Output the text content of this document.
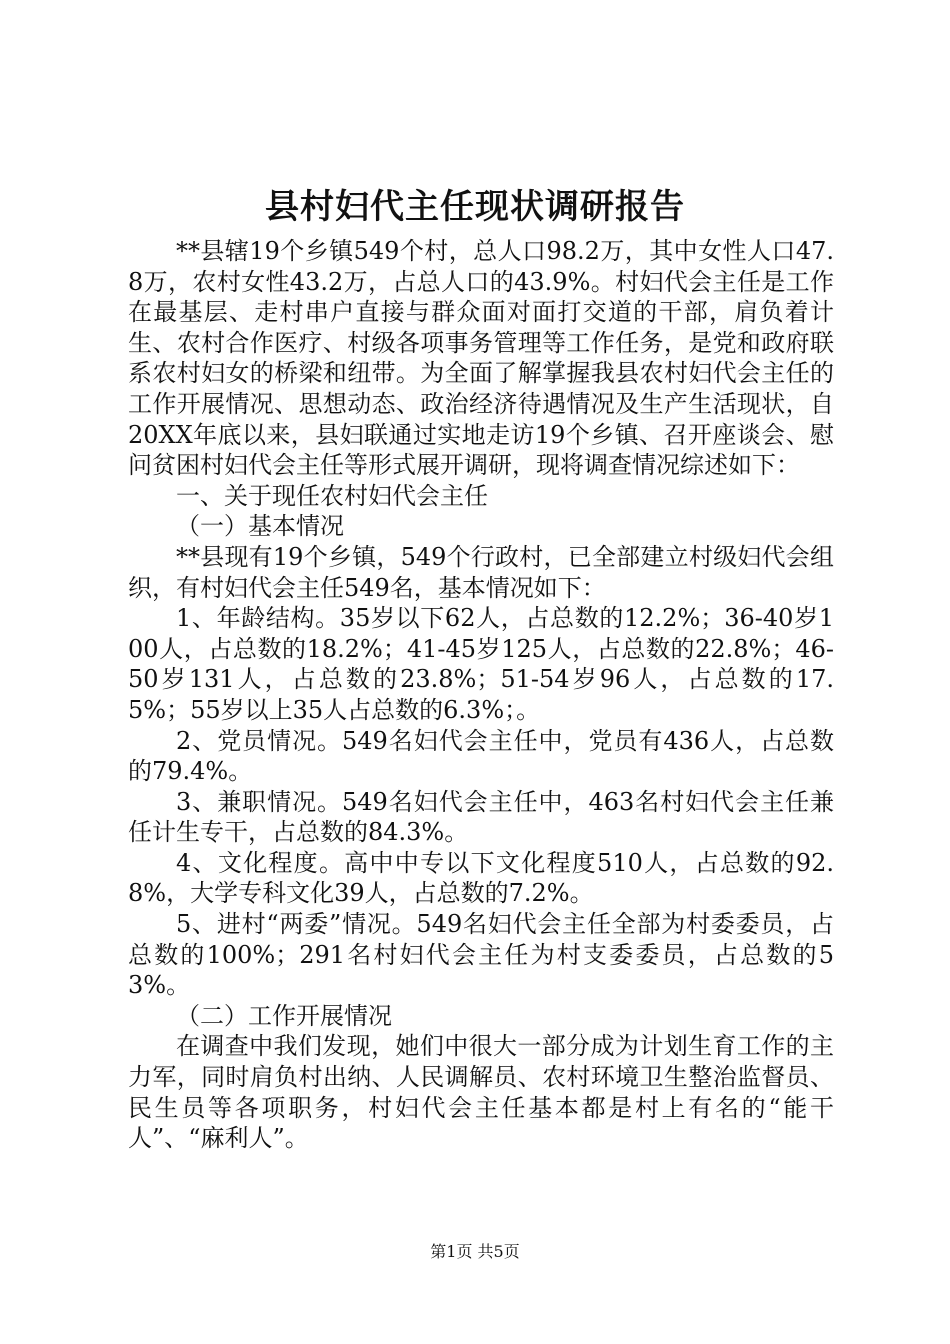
县村妇代主任现状调研报告

**县辖19个乡镇549个村，总人口98.2万，其中女性人口47.8万，农村女性43.2万，占总人口的43.9%。村妇代会主任是工作在最基层、走村串户直接与群众面对面打交道的干部，肩负着计生、农村合作医疗、村级各项事务管理等工作任务，是党和政府联系农村妇女的桥梁和纽带。为全面了解掌握我县农村妇代会主任的工作开展情况、思想动态、政治经济待遇情况及生产生活现状，自20XX年底以来，县妇联通过实地走访19个乡镇、召开座谈会、慰问贫困村妇代会主任等形式展开调研，现将调查情况综述如下：

一、关于现任农村妇代会主任

（一）基本情况

**县现有19个乡镇，549个行政村，已全部建立村级妇代会组织，有村妇代会主任549名，基本情况如下：

1、年龄结构。35岁以下62人，占总数的12.2%；36-40岁100人，占总数的18.2%；41-45岁125人，占总数的22.8%；46-50岁131人，占总数的23.8%；51-54岁96人，占总数的17.5%；55岁以上35人占总数的6.3%；。

2、党员情况。549名妇代会主任中，党员有436人，占总数的79.4%。

3、兼职情况。549名妇代会主任中，463名村妇代会主任兼任计生专干，占总数的84.3%。

4、文化程度。高中中专以下文化程度510人，占总数的92.8%，大学专科文化39人，占总数的7.2%。

5、进村“两委”情况。549名妇代会主任全部为村委委员，占总数的100%；291名村妇代会主任为村支委委员，占总数的53%。

（二）工作开展情况

在调查中我们发现，她们中很大一部分成为计划生育工作的主力军，同时肩负村出纳、人民调解员、农村环境卫生整治监督员、民生员等各项职务，村妇代会主任基本都是村上有名的“能干人”、“麻利人”。

第1页 共5页
